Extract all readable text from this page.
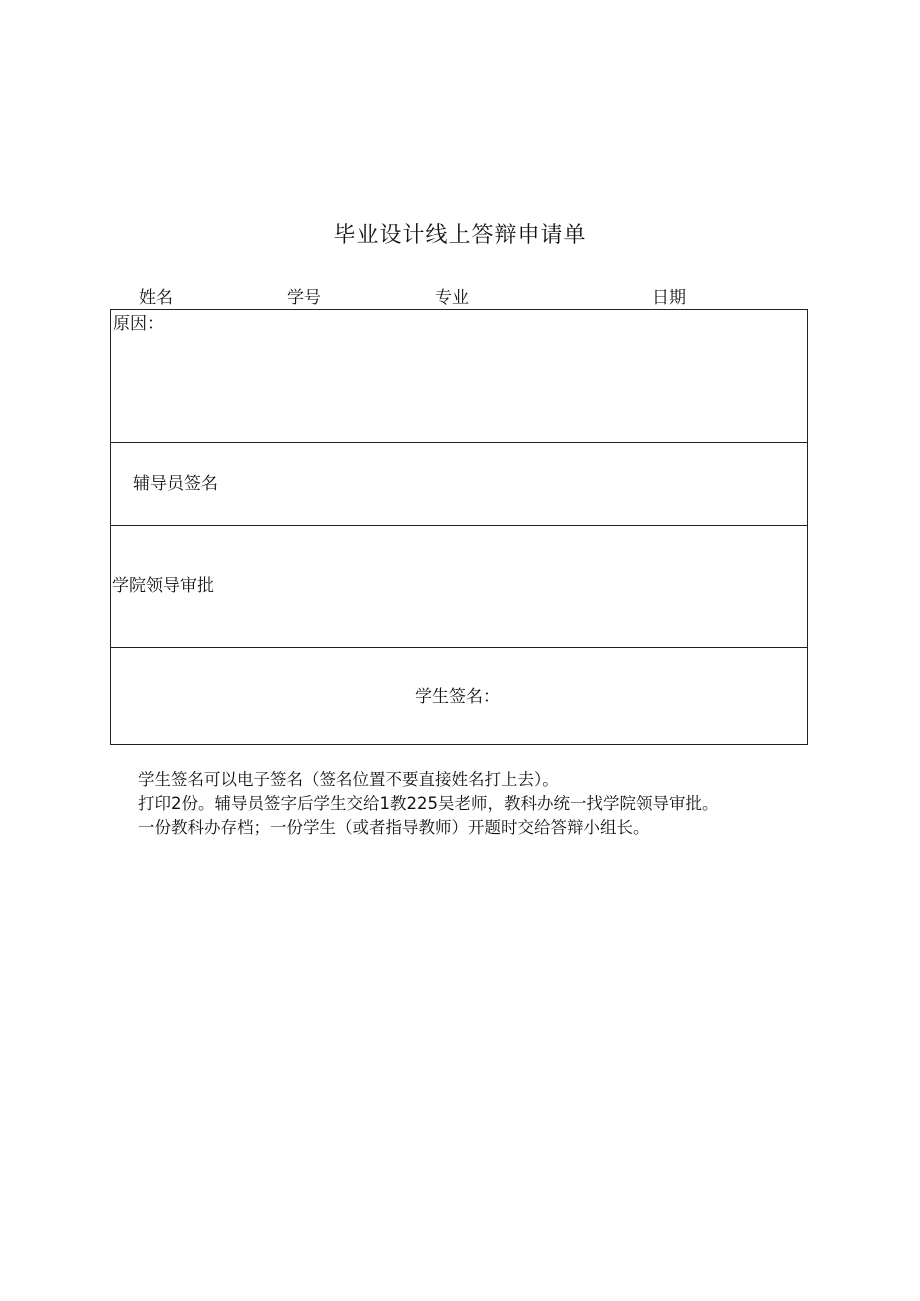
毕业设计线上答辩申请单
姓名	学号	专业	日期
原因：
辅导员签名
学院领导审批
学生签名：
学生签名可以电子签名（签名位置不要直接姓名打上去）。
打印2份。辅导员签字后学生交给1教225吴老师，教科办统一找学院领导审批。
一份教科办存档；一份学生（或者指导教师）开题时交给答辩小组长。
